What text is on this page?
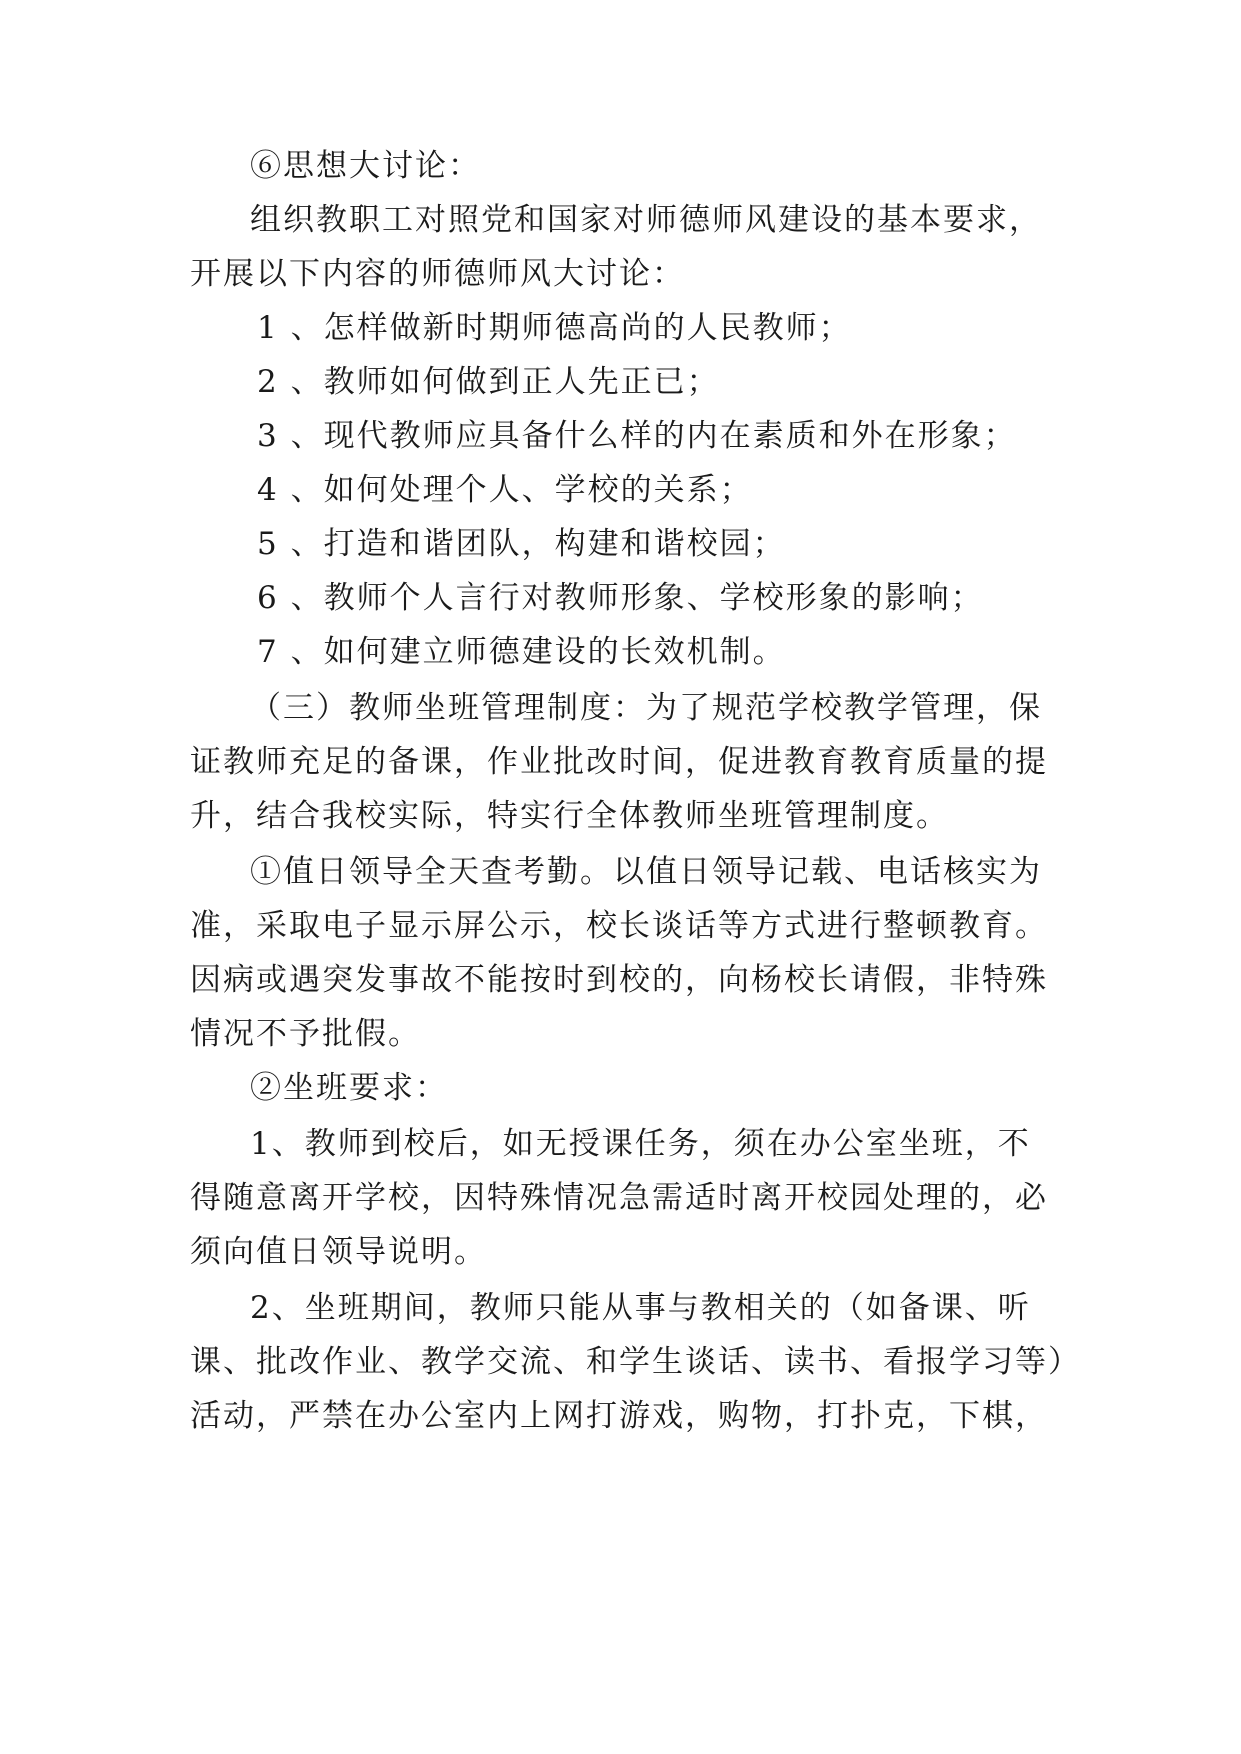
⑥思想大讨论：
组织教职工对照党和国家对师德师风建设的基本要求，
开展以下内容的师德师风大讨论：
1 、怎样做新时期师德高尚的人民教师；
2 、教师如何做到正人先正已；
3 、现代教师应具备什么样的内在素质和外在形象；
4 、如何处理个人、学校的关系；
5 、打造和谐团队，构建和谐校园；
6 、教师个人言行对教师形象、学校形象的影响；
7 、如何建立师德建设的长效机制。
（三）教师坐班管理制度：为了规范学校教学管理，保
证教师充足的备课，作业批改时间，促进教育教育质量的提
升，结合我校实际，特实行全体教师坐班管理制度。
①值日领导全天查考勤。以值日领导记载、电话核实为
准，采取电子显示屏公示，校长谈话等方式进行整顿教育。
因病或遇突发事故不能按时到校的，向杨校长请假，非特殊
情况不予批假。
②坐班要求：
1、教师到校后，如无授课任务，须在办公室坐班，不
得随意离开学校，因特殊情况急需适时离开校园处理的，必
须向值日领导说明。
2、坐班期间，教师只能从事与教相关的（如备课、听
课、批改作业、教学交流、和学生谈话、读书、看报学习等）
活动，严禁在办公室内上网打游戏，购物，打扑克，下棋，
